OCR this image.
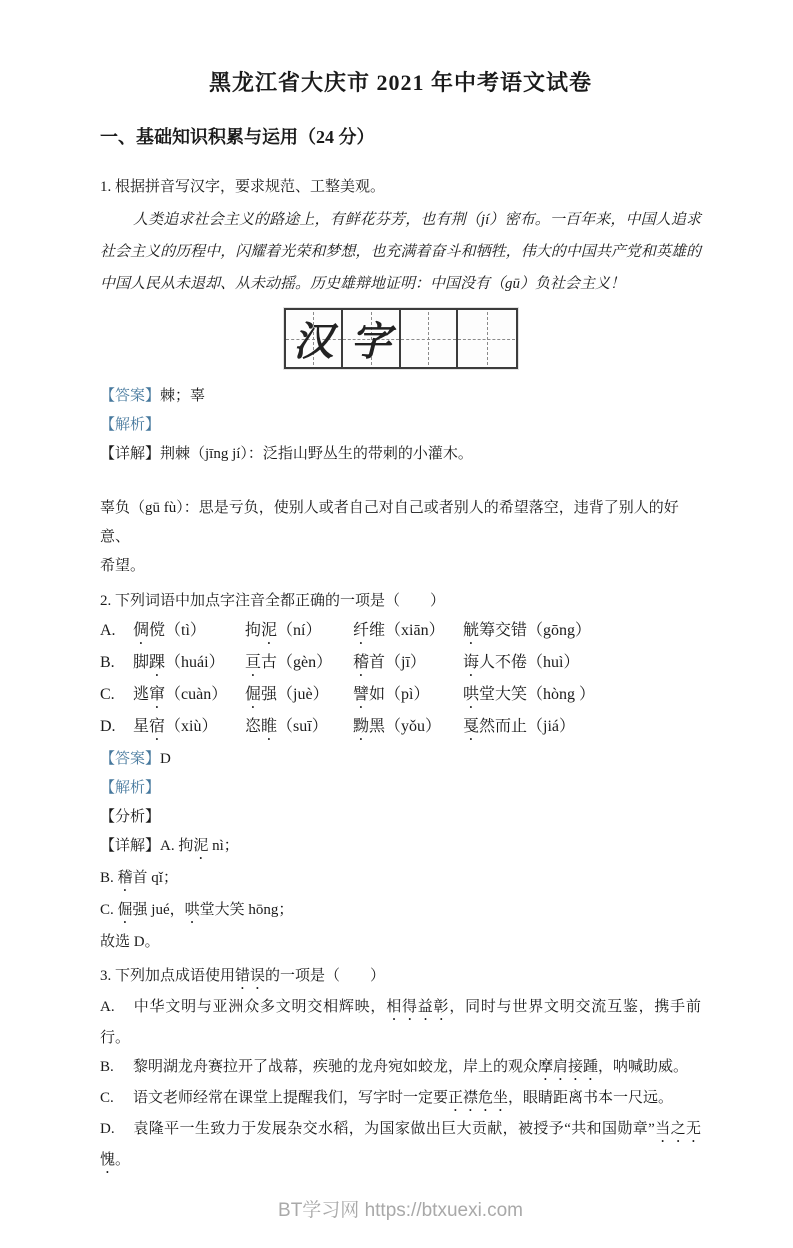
黑龙江省大庆市 2021 年中考语文试卷
一、基础知识积累与运用（24 分）

1. 根据拼音写汉字，要求规范、工整美观。

人类追求社会主义的路途上，有鲜花芬芳，也有荆（jí）密布。一百年来，中国人追求社会主义的历程中，闪耀着光荣和梦想，也充满着奋斗和牺牲，伟大的中国共产党和英雄的中国人民从未退却、从未动摇。历史雄辩地证明：中国没有（gū）负社会主义！

汉 字

【答案】棘；辜

【解析】

【详解】荆棘（jīng jí）：泛指山野丛生的带刺的小灌木。

辜负（gū fù）：思是亏负，使别人或者自己对自己或者别人的希望落空，违背了别人的好意、

希望。

2. 下列词语中加点字注音全都正确的一项是（　　）

A.	倜傥（tì）	拘泥（ní）	纤维（xiān）	觥筹交错（gōng）
B.	脚踝（huái）	亘古（gèn）	稽首（jī）	诲人不倦（huì）
C.	逃窜（cuàn）	倔强（juè）	譬如（pì）	哄堂大笑（hòng ）
D.	星宿（xiù）	恣睢（suī）	黝黑（yǒu）	戛然而止（jiá）

【答案】D

【解析】

【分析】

【详解】A. 拘泥 nì；

B. 稽首 qǐ；

C. 倔强 jué，哄堂大笑 hōng；

故选 D。

3. 下列加点成语使用错误的一项是（　　）

A. 中华文明与亚洲众多文明交相辉映，相得益彰，同时与世界文明交流互鉴，携手前行。

B. 黎明湖龙舟赛拉开了战幕，疾驰的龙舟宛如蛟龙，岸上的观众摩肩接踵，呐喊助威。

C. 语文老师经常在课堂上提醒我们，写字时一定要正襟危坐，眼睛距离书本一尺远。

D. 袁隆平一生致力于发展杂交水稻，为国家做出巨大贡献，被授予“共和国勋章”当之无愧。

BT学习网 https://btxuexi.com
